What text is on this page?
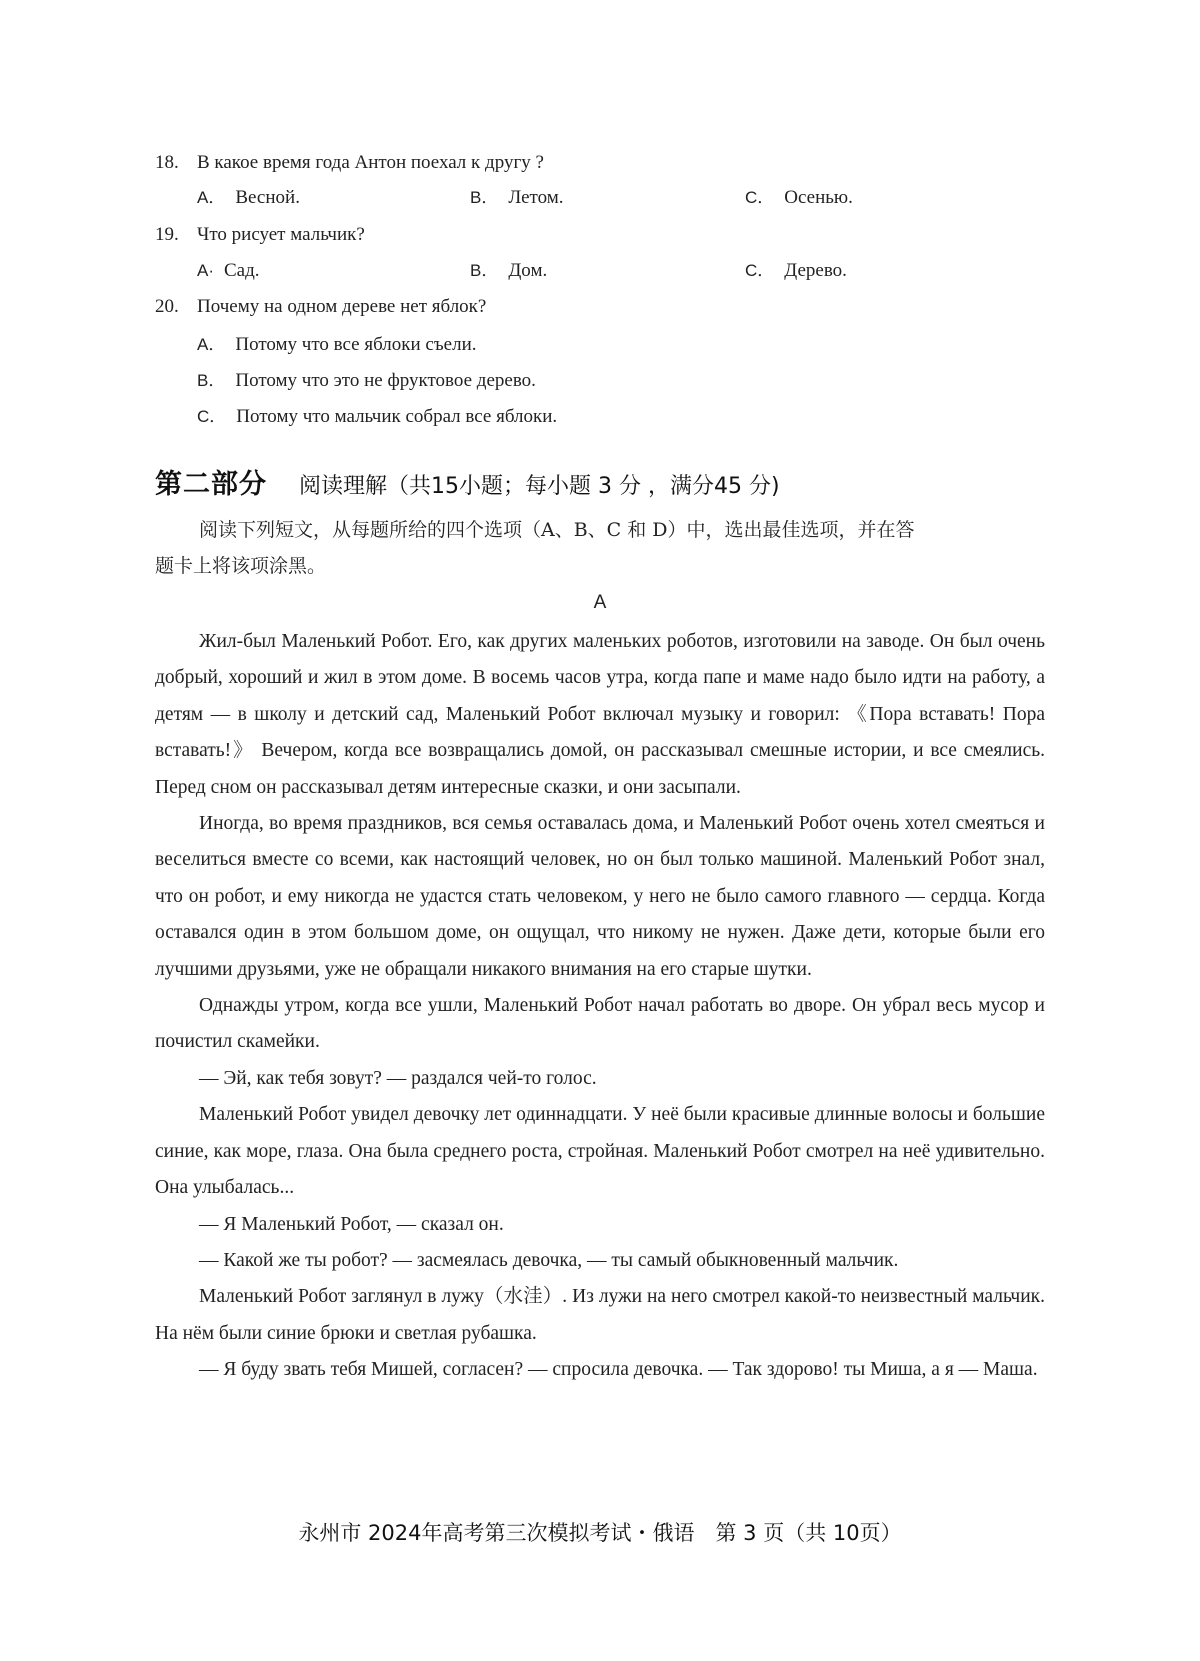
18. В какое время года Антон поехал к другу ?
A． Весной.	B． Летом.	C． Осенью.
19. Что рисует мальчик?
A· Сад.	B． Дом.	C． Дерево.
20. Почему на одном дереве нет яблок?
A． Потому что все яблоки съели.
B． Потому что это не фруктовое дерево.
C． Потому что мальчик собрал все яблоки.
第二部分 阅读理解（共15小题；每小题 3 分 ，满分45 分)
阅读下列短文，从每题所给的四个选项（A、B、C 和 D）中，选出最佳选项，并在答
题卡上将该项涂黑。
A

Жил-был Маленький Робот. Его, как других маленьких роботов, изготовили на заводе. Он был очень добрый, хороший и жил в этом доме. В восемь часов утра, когда папе и маме надо было идти на работу, а детям — в школу и детский сад, Маленький Робот включал музыку и говорил: 《Пора вставать! Пора вставать!》 Вечером, когда все возвращались домой, он рассказывал смешные истории, и все смеялись. Перед сном он рассказывал детям интересные сказки, и они засыпали.

Иногда, во время праздников, вся семья оставалась дома, и Маленький Робот очень хотел смеяться и веселиться вместе со всеми, как настоящий человек, но он был только машиной. Маленький Робот знал, что он робот, и ему никогда не удастся стать человеком, у него не было самого главного — сердца. Когда оставался один в этом большом доме, он ощущал, что никому не нужен. Даже дети, которые были его лучшими друзьями, уже не обращали никакого внимания на его старые шутки.

Однажды утром, когда все ушли, Маленький Робот начал работать во дворе. Он убрал весь мусор и почистил скамейки.

— Эй, как тебя зовут? — раздался чей-то голос.

Маленький Робот увидел девочку лет одиннадцати. У неё были красивые длинные волосы и большие синие, как море, глаза. Она была среднего роста, стройная. Маленький Робот смотрел на неё удивительно. Она улыбалась...

— Я Маленький Робот, — сказал он.

— Какой же ты робот? — засмеялась девочка, — ты самый обыкновенный мальчик.

Маленький Робот заглянул в лужу（水洼）. Из лужи на него смотрел какой-то неизвестный мальчик. На нём были синие брюки и светлая рубашка.

— Я буду звать тебя Мишей, согласен? — спросила девочка. — Так здорово! ты Миша, а я — Маша.

永州市 2024年高考第三次模拟考试・俄语　第 3 页（共 10页）
